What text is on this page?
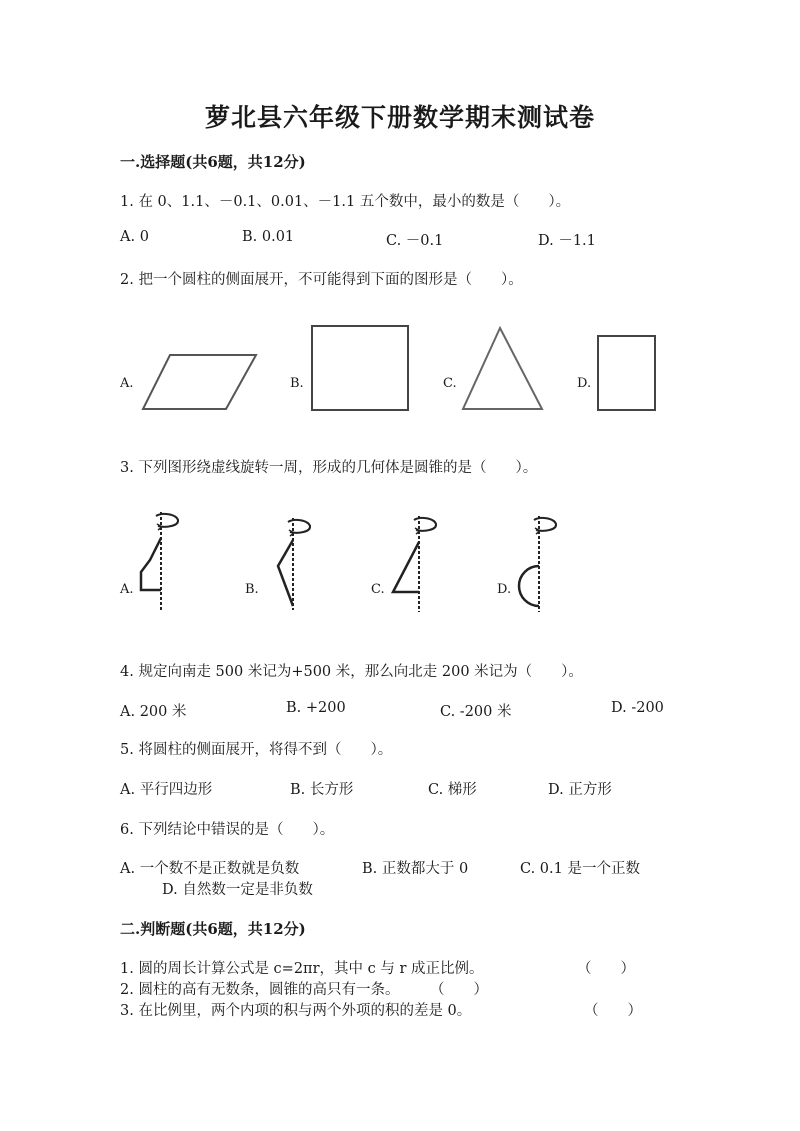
萝北县六年级下册数学期末测试卷
一.选择题(共6题，共12分)
1. 在 0、1.1、－0.1、0.01、－1.1 五个数中，最小的数是（　　）。
A. 0	B. 0.01	C. －0.1	D. －1.1
2. 把一个圆柱的侧面展开，不可能得到下面的图形是（　　）。
A.	B.	C.	D.
3. 下列图形绕虚线旋转一周，形成的几何体是圆锥的是（　　）。
A.	B.	C.	D.
4. 规定向南走 500 米记为+500 米，那么向北走 200 米记为（　　）。
A. 200 米	B. +200	C. -200 米	D. -200
5. 将圆柱的侧面展开，将得不到（　　）。
A. 平行四边形	B. 长方形	C. 梯形	D. 正方形
6. 下列结论中错误的是（　　）。
A. 一个数不是正数就是负数	B. 正数都大于 0	C. 0.1 是一个正数
D. 自然数一定是非负数
二.判断题(共6题，共12分)
1. 圆的周长计算公式是 c=2πr，其中 c 与 r 成正比例。	（　　）
2. 圆柱的高有无数条，圆锥的高只有一条。 （　　）
3. 在比例里，两个内项的积与两个外项的积的差是 0。	（　　）
